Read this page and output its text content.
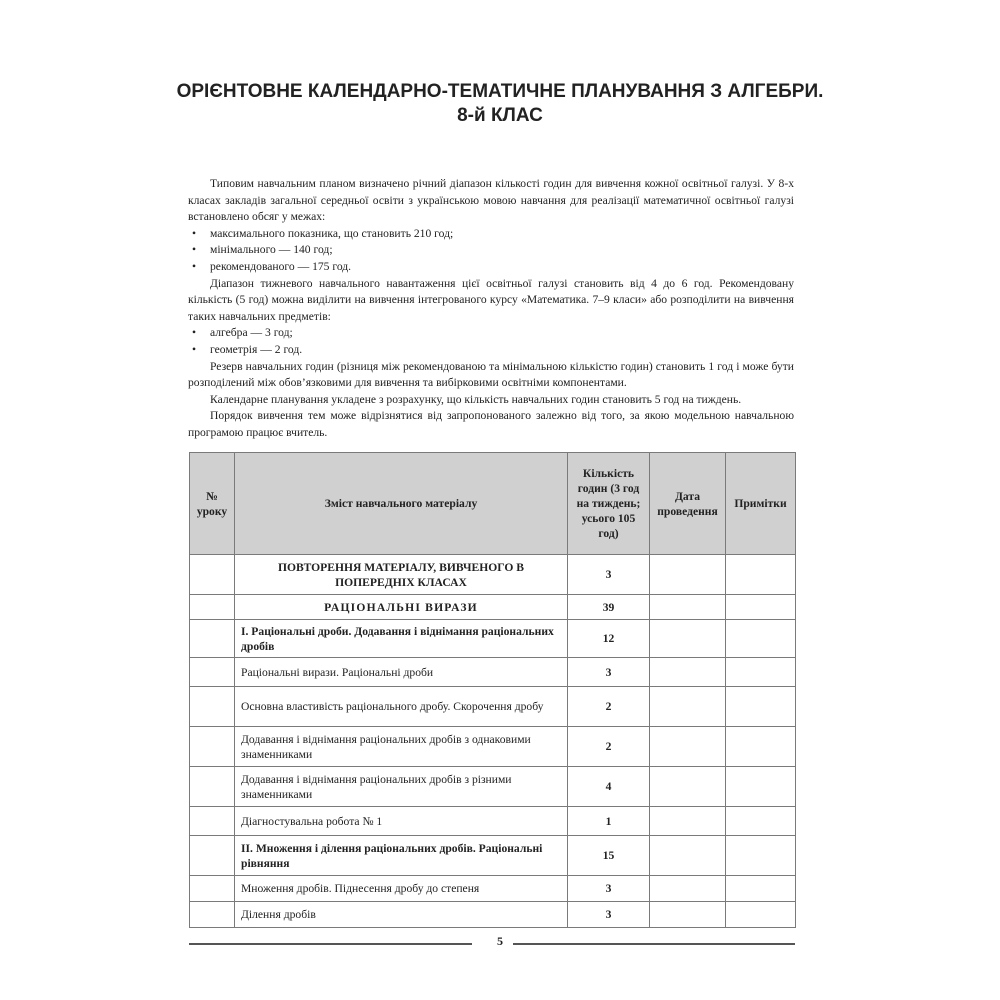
ОРІЄНТОВНЕ КАЛЕНДАРНО-ТЕМАТИЧНЕ ПЛАНУВАННЯ З АЛГЕБРИ.
8-й КЛАС

Типовим навчальним планом визначено річний діапазон кількості годин для вивчення кожної освітньої галузі. У 8-х класах закладів загальної середньої освіти з українською мовою навчання для реалізації математичної освітньої галузі встановлено обсяг у межах:

• максимального показника, що становить 210 год;
• мінімального — 140 год;
• рекомендованого — 175 год.

Діапазон тижневого навчального навантаження цієї освітньої галузі становить від 4 до 6 год. Рекомендовану кількість (5 год) можна виділити на вивчення інтегрованого курсу «Математика. 7–9 класи» або розподілити на вивчення таких навчальних предметів:

• алгебра — 3 год;
• геометрія — 2 год.

Резерв навчальних годин (різниця між рекомендованою та мінімальною кількістю годин) становить 1 год і може бути розподілений між обов’язковими для вивчення та вибірковими освітніми компонентами.

Календарне планування укладене з розрахунку, що кількість навчальних годин становить 5 год на тиждень.

Порядок вивчення тем може відрізнятися від запропонованого залежно від того, за якою модельною навчальною програмою працює вчитель.

№ уроку	Зміст навчального матеріалу	Кількість годин (3 год на тиждень; усього 105 год)	Дата проведення	Примітки
	ПОВТОРЕННЯ МАТЕРІАЛУ, ВИВЧЕНОГО В ПОПЕРЕДНІХ КЛАСАХ	3		
	РАЦІОНАЛЬНІ ВИРАЗИ	39		
	І. Раціональні дроби. Додавання і віднімання раціональних дробів	12		
	Раціональні вирази. Раціональні дроби	3		
	Основна властивість раціонального дробу. Скорочення дробу	2		
	Додавання і віднімання раціональних дробів з однаковими знаменниками	2		
	Додавання і віднімання раціональних дробів з різними знаменниками	4		
	Діагностувальна робота № 1	1		
	ІІ. Множення і ділення раціональних дробів. Раціональні рівняння	15		
	Множення дробів. Піднесення дробу до степеня	3		
	Ділення дробів	3		
5
